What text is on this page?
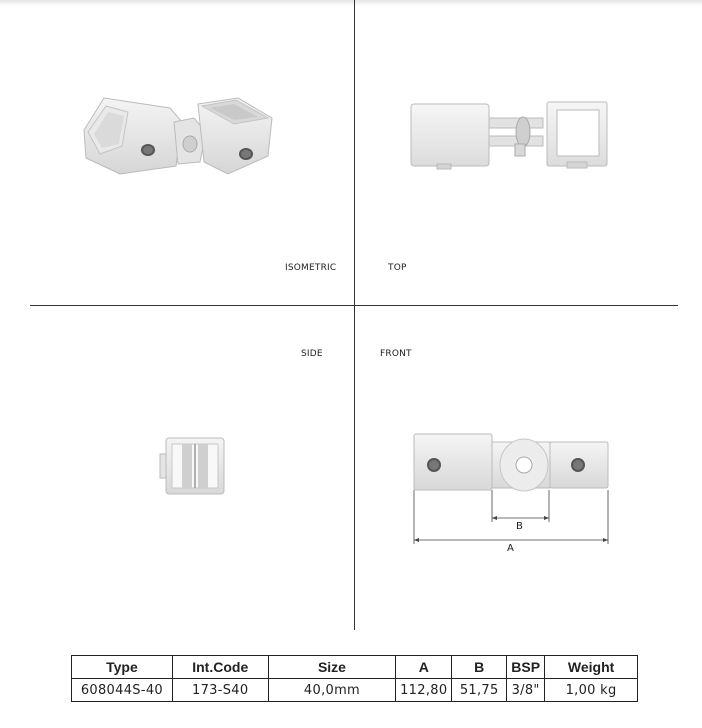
ISOMETRIC	TOP
SIDE	FRONT
B
A
Type	Int.Code	Size	A	B	BSP	Weight
608044S-40	173-S40	40,0mm	112,80	51,75	3/8"	1,00 kg
